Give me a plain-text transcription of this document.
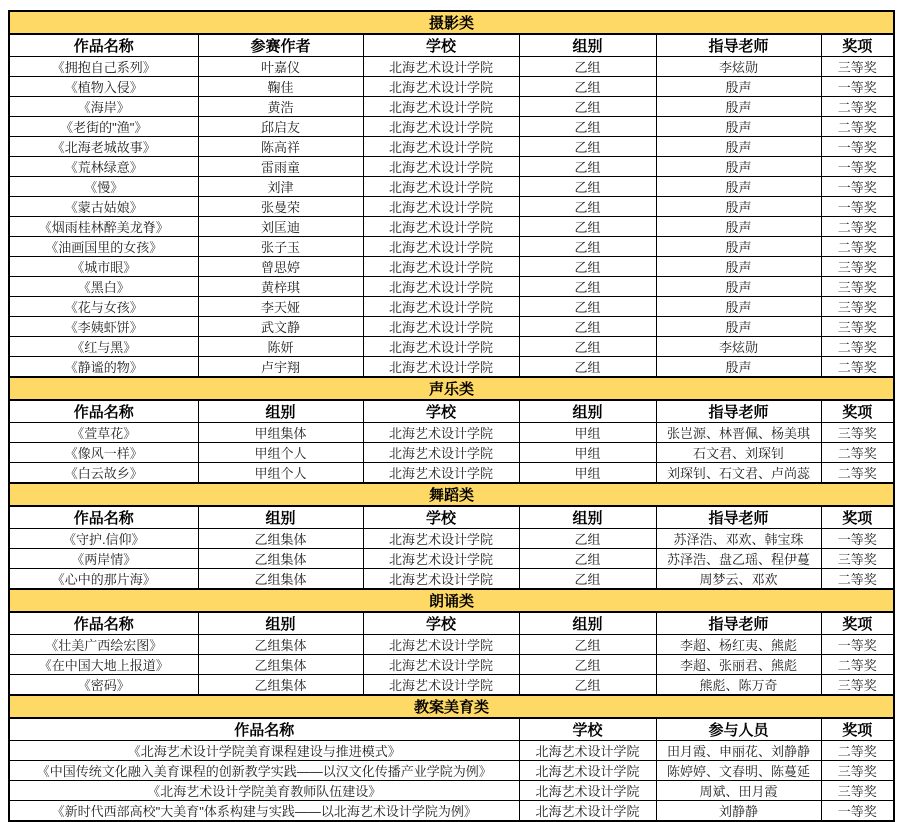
摄影类					
作品名称	参赛作者	学校	组别	指导老师	奖项
《拥抱自己系列》	叶嘉仪	北海艺术设计学院	乙组	李炫勋	三等奖
《植物入侵》	鞠佳	北海艺术设计学院	乙组	殷声	一等奖
《海岸》	黄浩	北海艺术设计学院	乙组	殷声	二等奖
《老街的"渔"》	邱启友	北海艺术设计学院	乙组	殷声	二等奖
《北海老城故事》	陈高祥	北海艺术设计学院	乙组	殷声	一等奖
《荒林绿意》	雷雨童	北海艺术设计学院	乙组	殷声	一等奖
《慢》	刘津	北海艺术设计学院	乙组	殷声	一等奖
《蒙古姑娘》	张曼荣	北海艺术设计学院	乙组	殷声	一等奖
《烟雨桂林醉美龙脊》	刘匡迪	北海艺术设计学院	乙组	殷声	二等奖
《油画国里的女孩》	张子玉	北海艺术设计学院	乙组	殷声	二等奖
《城市眼》	曾思婷	北海艺术设计学院	乙组	殷声	三等奖
《黑白》	黄梓琪	北海艺术设计学院	乙组	殷声	三等奖
《花与女孩》	李天娅	北海艺术设计学院	乙组	殷声	三等奖
《李姨虾饼》	武文静	北海艺术设计学院	乙组	殷声	三等奖
《红与黑》	陈妍	北海艺术设计学院	乙组	李炫勋	二等奖
《静谧的物》	卢宇翔	北海艺术设计学院	乙组	殷声	二等奖
声乐类					
作品名称	组别	学校	组别	指导老师	奖项
《萱草花》	甲组集体	北海艺术设计学院	甲组	张岂源、林晋佩、杨美琪	三等奖
《像风一样》	甲组个人	北海艺术设计学院	甲组	石文君、刘琛钊	二等奖
《白云故乡》	甲组个人	北海艺术设计学院	甲组	刘琛钊、石文君、卢尚蕊	二等奖
舞蹈类					
作品名称	组别	学校	组别	指导老师	奖项
《守护.信仰》	乙组集体	北海艺术设计学院	乙组	苏泽浩、邓欢、韩宝珠	一等奖
《两岸情》	乙组集体	北海艺术设计学院	乙组	苏泽浩、盘乙瑶、程伊蔓	三等奖
《心中的那片海》	乙组集体	北海艺术设计学院	乙组	周梦云、邓欢	二等奖
朗诵类					
作品名称	组别	学校	组别	指导老师	奖项
《壮美广西绘宏图》	乙组集体	北海艺术设计学院	乙组	李超、杨红夷、熊彪	一等奖
《在中国大地上报道》	乙组集体	北海艺术设计学院	乙组	李超、张丽君、熊彪	二等奖
《密码》	乙组集体	北海艺术设计学院	乙组	熊彪、陈万奇	三等奖
教案美育类					
作品名称			学校	参与人员	奖项
《北海艺术设计学院美育课程建设与推进模式》			北海艺术设计学院	田月霞、申丽花、刘静静	二等奖
《中国传统文化融入美育课程的创新教学实践——以汉文化传播产业学院为例》			北海艺术设计学院	陈婷婷、文春明、陈蔓延	三等奖
《北海艺术设计学院美育教师队伍建设》			北海艺术设计学院	周斌、田月霞	三等奖
《新时代西部高校"大美育"体系构建与实践——以北海艺术设计学院为例》			北海艺术设计学院	刘静静	一等奖
